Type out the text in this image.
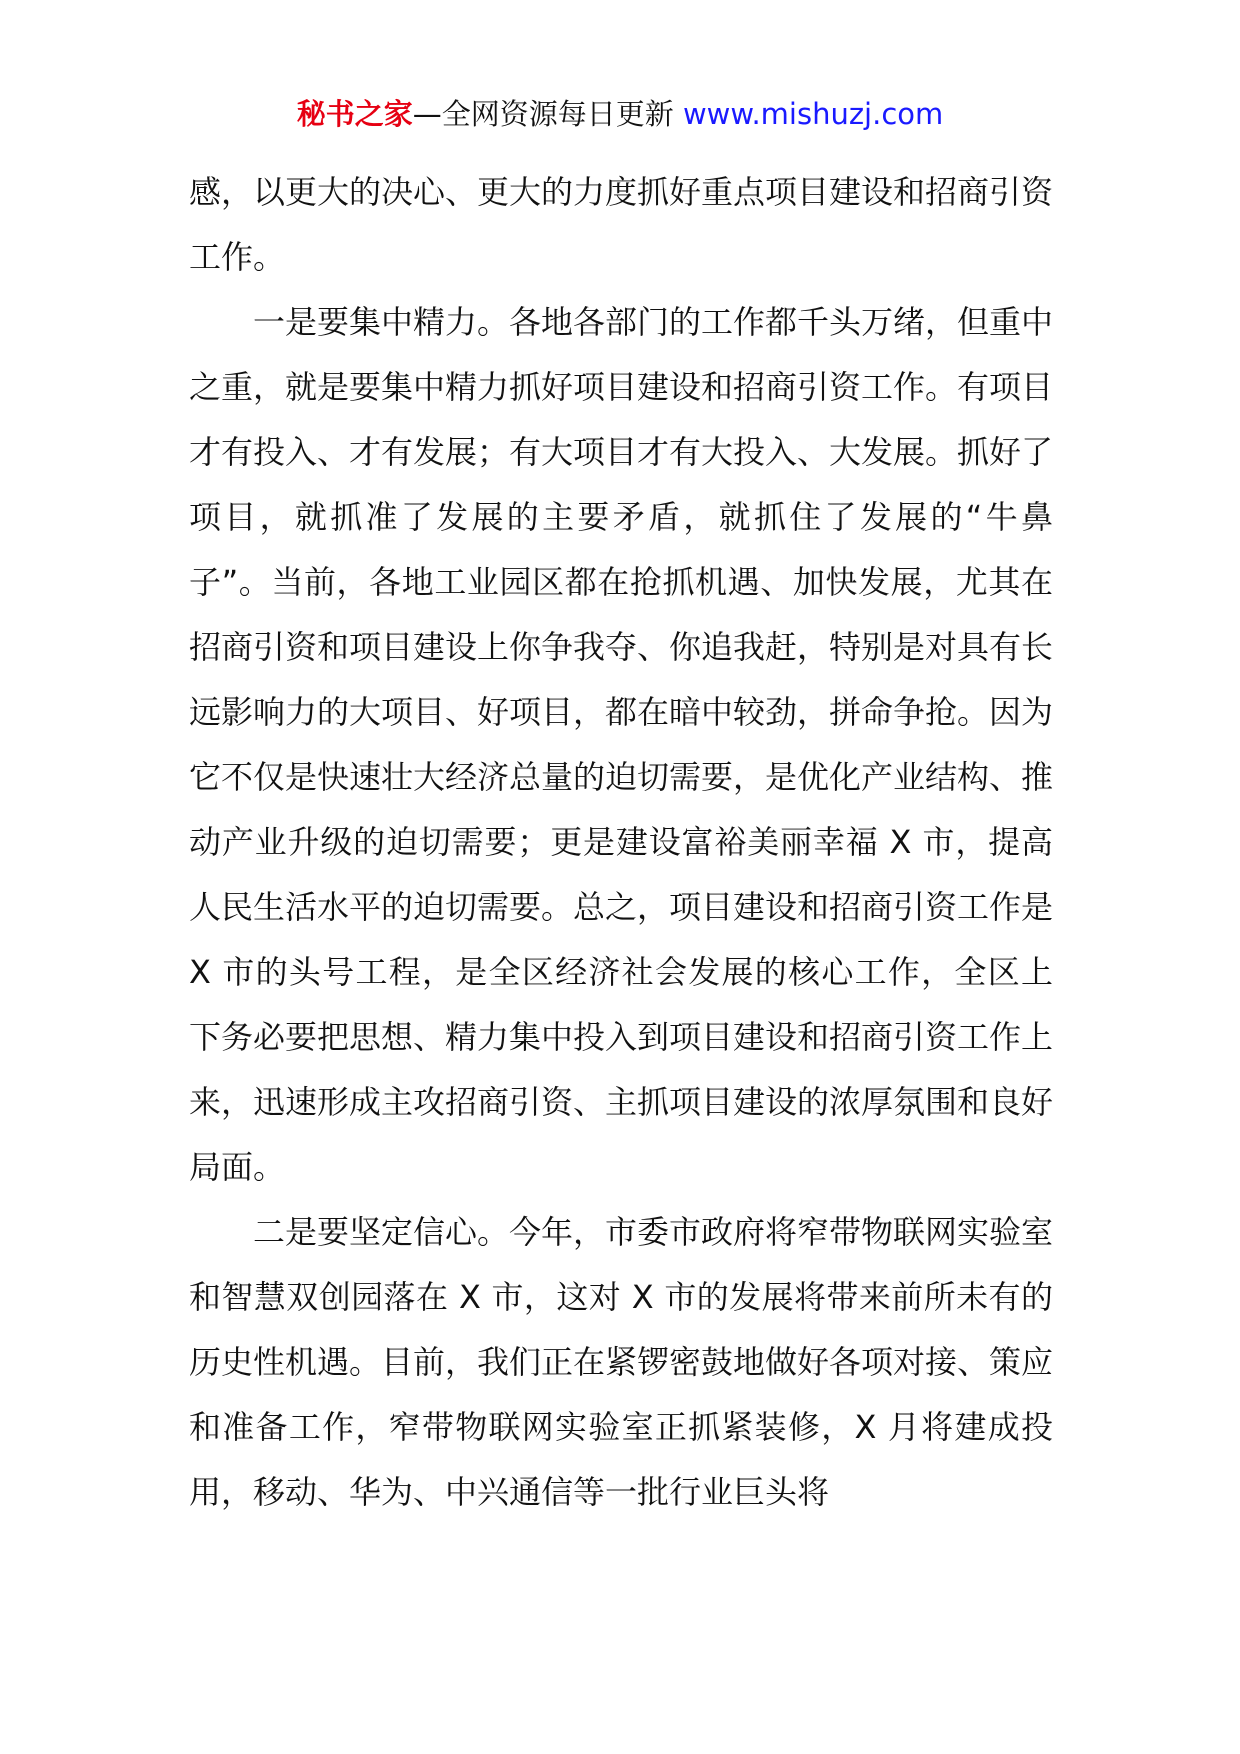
秘书之家—全网资源每日更新 www.mishuzj.com

感，以更大的决心、更大的力度抓好重点项目建设和招商引资工作。

一是要集中精力。各地各部门的工作都千头万绪，但重中之重，就是要集中精力抓好项目建设和招商引资工作。有项目才有投入、才有发展；有大项目才有大投入、大发展。抓好了项目，就抓准了发展的主要矛盾，就抓住了发展的“牛鼻子”。当前，各地工业园区都在抢抓机遇、加快发展，尤其在招商引资和项目建设上你争我夺、你追我赶，特别是对具有长远影响力的大项目、好项目，都在暗中较劲，拼命争抢。因为它不仅是快速壮大经济总量的迫切需要，是优化产业结构、推动产业升级的迫切需要；更是建设富裕美丽幸福 X 市，提高人民生活水平的迫切需要。总之，项目建设和招商引资工作是 X 市的头号工程，是全区经济社会发展的核心工作，全区上下务必要把思想、精力集中投入到项目建设和招商引资工作上来，迅速形成主攻招商引资、主抓项目建设的浓厚氛围和良好局面。

二是要坚定信心。今年，市委市政府将窄带物联网实验室和智慧双创园落在 X 市，这对 X 市的发展将带来前所未有的历史性机遇。目前，我们正在紧锣密鼓地做好各项对接、策应和准备工作，窄带物联网实验室正抓紧装修，X 月将建成投用，移动、华为、中兴通信等一批行业巨头将
